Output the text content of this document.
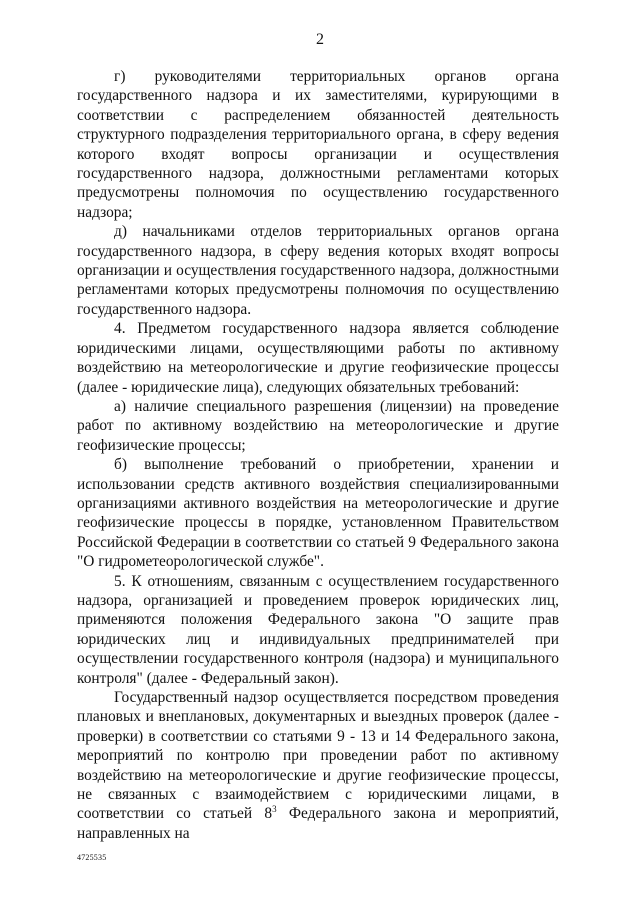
2

г) руководителями территориальных органов органа государственного надзора и их заместителями, курирующими в соответствии с распределением обязанностей деятельность структурного подразделения территориального органа, в сферу ведения которого входят вопросы организации и осуществления государственного надзора, должностными регламентами которых предусмотрены полномочия по осуществлению государственного надзора;

д) начальниками отделов территориальных органов органа государственного надзора, в сферу ведения которых входят вопросы организации и осуществления государственного надзора, должностными регламентами которых предусмотрены полномочия по осуществлению государственного надзора.

4. Предметом государственного надзора является соблюдение юридическими лицами, осуществляющими работы по активному воздействию на метеорологические и другие геофизические процессы (далее - юридические лица), следующих обязательных требований:

а) наличие специального разрешения (лицензии) на проведение работ по активному воздействию на метеорологические и другие геофизические процессы;

б) выполнение требований о приобретении, хранении и использовании средств активного воздействия специализированными организациями активного воздействия на метеорологические и другие геофизические процессы в порядке, установленном Правительством Российской Федерации в соответствии со статьей 9 Федерального закона "О гидрометеорологической службе".

5. К отношениям, связанным с осуществлением государственного надзора, организацией и проведением проверок юридических лиц, применяются положения Федерального закона "О защите прав юридических лиц и индивидуальных предпринимателей при осуществлении государственного контроля (надзора) и муниципального контроля" (далее - Федеральный закон).

Государственный надзор осуществляется посредством проведения плановых и внеплановых, документарных и выездных проверок (далее - проверки) в соответствии со статьями 9 - 13 и 14 Федерального закона, мероприятий по контролю при проведении работ по активному воздействию на метеорологические и другие геофизические процессы, не связанных с взаимодействием с юридическими лицами, в соответствии со статьей $8^3$ Федерального закона и мероприятий, направленных на

4725535
